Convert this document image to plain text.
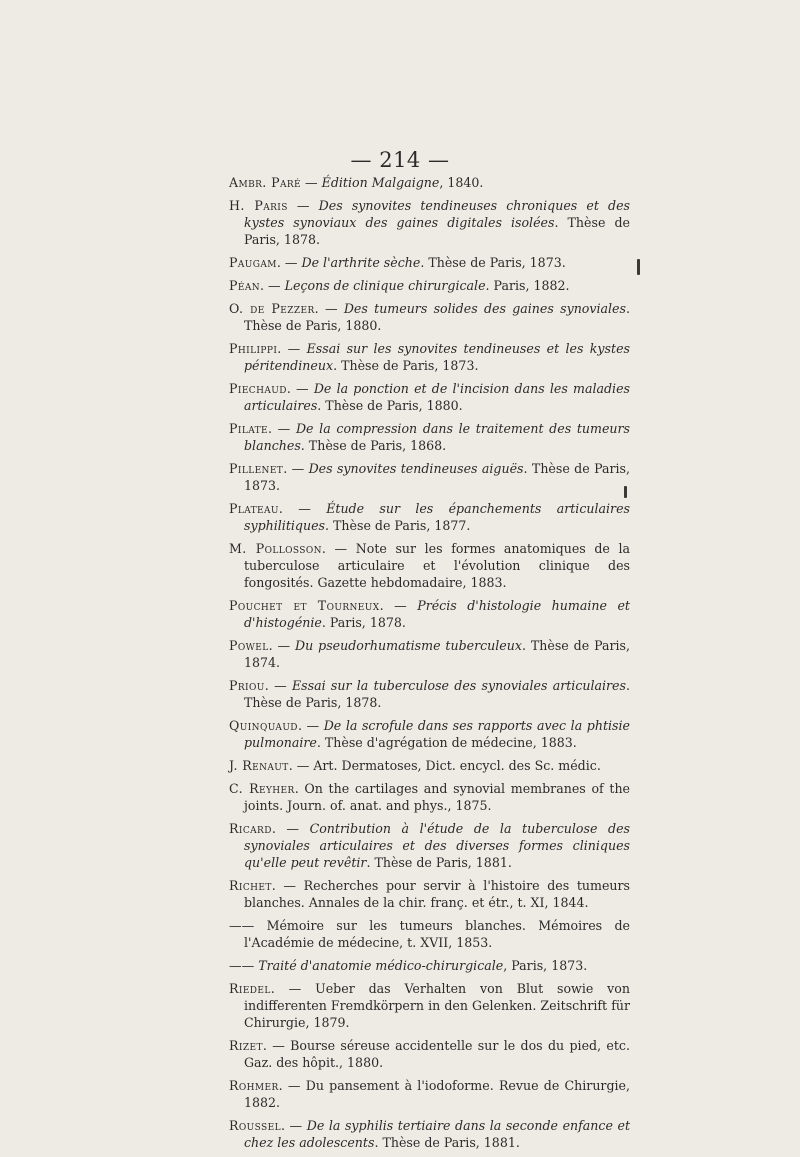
— 214 —
Ambr. Paré — Édition Malgaigne, 1840.
H. Paris — Des synovites tendineuses chroniques et des kystes synoviaux des gaines digitales isolées. Thèse de Paris, 1878.
Paugam. — De l'arthrite sèche. Thèse de Paris, 1873.
Péan. — Leçons de clinique chirurgicale. Paris, 1882.
O. de Pezzer. — Des tumeurs solides des gaines synoviales. Thèse de Paris, 1880.
Philippi. — Essai sur les synovites tendineuses et les kystes péritendineux. Thèse de Paris, 1873.
Piechaud. — De la ponction et de l'incision dans les maladies articulaires. Thèse de Paris, 1880.
Pilate. — De la compression dans le traitement des tumeurs blanches. Thèse de Paris, 1868.
Pillenet. — Des synovites tendineuses aiguës. Thèse de Paris, 1873.
Plateau. — Étude sur les épanchements articulaires syphilitiques. Thèse de Paris, 1877.
M. Pollosson. — Note sur les formes anatomiques de la tuberculose articulaire et l'évolution clinique des fongosités. Gazette hebdomadaire, 1883.
Pouchet et Tourneux. — Précis d'histologie humaine et d'histogénie. Paris, 1878.
Powel. — Du pseudorhumatisme tuberculeux. Thèse de Paris, 1874.
Priou. — Essai sur la tuberculose des synoviales articulaires. Thèse de Paris, 1878.
Quinquaud. — De la scrofule dans ses rapports avec la phtisie pulmonaire. Thèse d'agrégation de médecine, 1883.
J. Renaut. — Art. Dermatoses, Dict. encycl. des Sc. médic.
C. Reyher. On the cartilages and synovial membranes of the joints. Journ. of. anat. and phys., 1875.
Ricard. — Contribution à l'étude de la tuberculose des synoviales articulaires et des diverses formes cliniques qu'elle peut revêtir. Thèse de Paris, 1881.
Richet. — Recherches pour servir à l'histoire des tumeurs blanches. Annales de la chir. franç. et étr., t. XI, 1844.
—— Mémoire sur les tumeurs blanches. Mémoires de l'Académie de médecine, t. XVII, 1853.
—— Traité d'anatomie médico-chirurgicale, Paris, 1873.
Riedel. — Ueber das Verhalten von Blut sowie von indifferenten Fremdkörpern in den Gelenken. Zeitschrift für Chirurgie, 1879.
Rizet. — Bourse séreuse accidentelle sur le dos du pied, etc. Gaz. des hôpit., 1880.
Rohmer. — Du pansement à l'iodoforme. Revue de Chirurgie, 1882.
Roussel. — De la syphilis tertiaire dans la seconde enfance et chez les adolescents. Thèse de Paris, 1881.
